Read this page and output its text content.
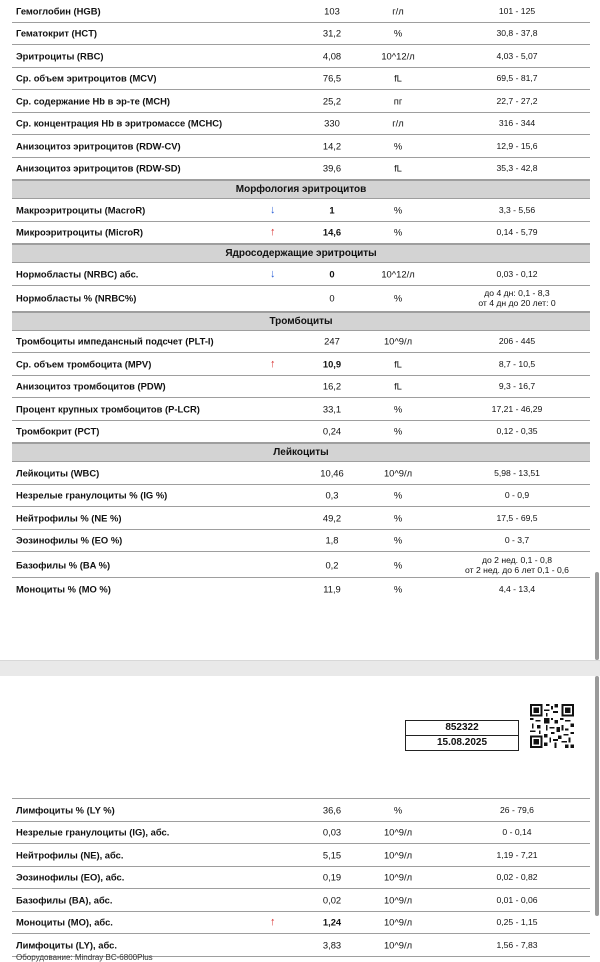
Гемоглобин (HGB)	103	г/л	101 - 125
Гематокрит (HCT)	31,2	%	30,8 - 37,8
Эритроциты (RBC)	4,08	10^12/л	4,03 - 5,07
Ср. объем эритроцитов (MCV)	76,5	fL	69,5 - 81,7
Ср. содержание Hb в эр-те (MCH)	25,2	пг	22,7 - 27,2
Ср. концентрация Hb в эритромассе (MCHC)	330	г/л	316 - 344
Анизоцитоз эритроцитов (RDW-CV)	14,2	%	12,9 - 15,6
Анизоцитоз эритроцитов (RDW-SD)	39,6	fL	35,3 - 42,8
Морфология эритроцитов
Макроэритроциты (MacroR)	↓	1	%	3,3 - 5,56
Микроэритроциты (MicroR)	↑	14,6	%	0,14 - 5,79
Ядросодержащие эритроциты
Нормобласты (NRBC) абс.	↓	0	10^12/л	0,03 - 0,12
Нормобласты % (NRBC%)	0	%	до 4 дн: 0,1 - 8,3
от 4 дн до 20 лет: 0
Тромбоциты
Тромбоциты импедансный подсчет (PLT-I)	247	10^9/л	206 - 445
Ср. объем тромбоцита (MPV)	↑	10,9	fL	8,7 - 10,5
Анизоцитоз тромбоцитов (PDW)	16,2	fL	9,3 - 16,7
Процент крупных тромбоцитов (P-LCR)	33,1	%	17,21 - 46,29
Тромбокрит (PCT)	0,24	%	0,12 - 0,35
Лейкоциты
Лейкоциты (WBC)	10,46	10^9/л	5,98 - 13,51
Незрелые гранулоциты % (IG %)	0,3	%	0 - 0,9
Нейтрофилы % (NE %)	49,2	%	17,5 - 69,5
Эозинофилы % (EO %)	1,8	%	0 - 3,7
Базофилы % (BA %)	0,2	%	до 2 нед. 0,1 - 0,8
от 2 нед. до 6 лет 0,1 - 0,6
Моноциты % (MO %)	11,9	%	4,4 - 13,4
852322
15.08.2025
Лимфоциты % (LY %)	36,6	%	26 - 79,6
Незрелые гранулоциты (IG), абс.	0,03	10^9/л	0 - 0,14
Нейтрофилы (NE), абс.	5,15	10^9/л	1,19 - 7,21
Эозинофилы (EO), абс.	0,19	10^9/л	0,02 - 0,82
Базофилы (BA), абс.	0,02	10^9/л	0,01 - 0,06
Моноциты (MO), абс.	↑	1,24	10^9/л	0,25 - 1,15
Лимфоциты (LY), абс.	3,83	10^9/л	1,56 - 7,83
Оборудование: Mindray BC-6800Plus
